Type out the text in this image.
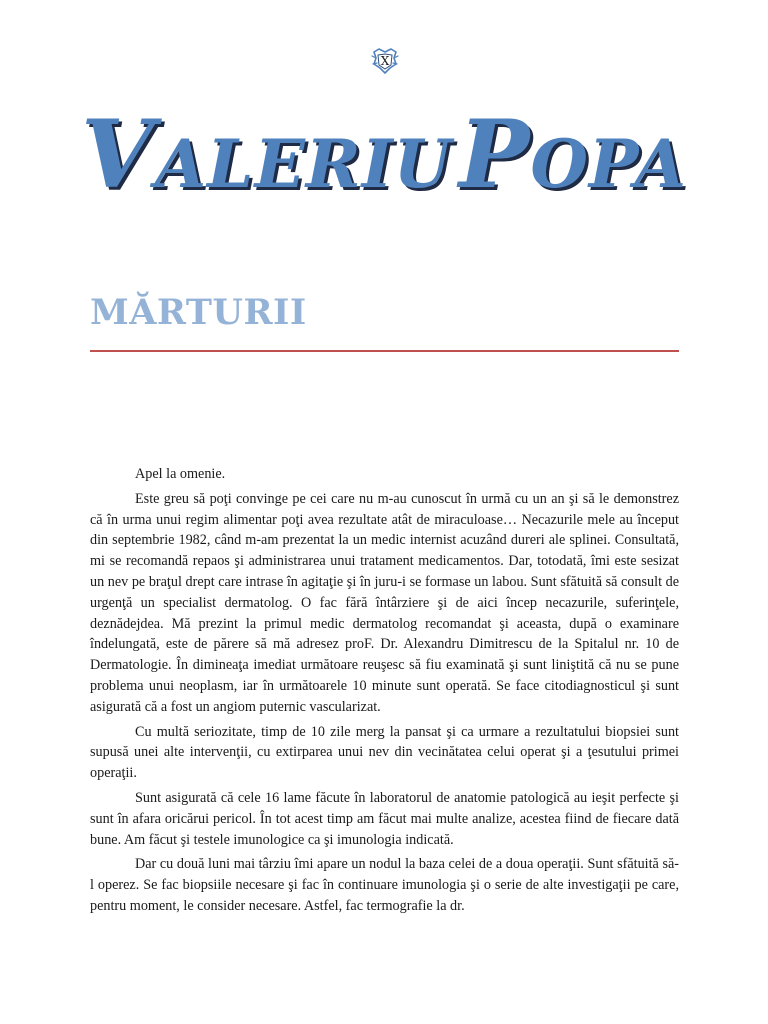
X
VALERIU POPA
MĂRTURII

Apel la omenie.

Este greu să poţi convinge pe cei care nu m-au cunoscut în urmă cu un an şi să le demonstrez că în urma unui regim alimentar poţi avea rezultate atât de miraculoase… Necazurile mele au început din septembrie 1982, când m-am prezentat la un medic internist acuzând dureri ale splinei. Consultată, mi se recomandă repaos şi administrarea unui tratament medicamentos. Dar, totodată, îmi este sesizat un nev pe braţul drept care intrase în agitaţie şi în juru-i se formase un labou. Sunt sfătuită să consult de urgenţă un specialist dermatolog. O fac fără întârziere şi de aici încep necazurile, suferinţele, deznădejdea. Mă prezint la primul medic dermatolog recomandat şi aceasta, după o examinare îndelungată, este de părere să mă adresez proF. Dr. Alexandru Dimitrescu de la Spitalul nr. 10 de Dermatologie. În dimineaţa imediat următoare reuşesc să fiu examinată şi sunt liniştită că nu se pune problema unui neoplasm, iar în următoarele 10 minute sunt operată. Se face citodiagnosticul şi sunt asigurată că a fost un angiom puternic vascularizat.

Cu multă seriozitate, timp de 10 zile merg la pansat şi ca urmare a rezultatului biopsiei sunt supusă unei alte intervenţii, cu extirparea unui nev din vecinătatea celui operat şi a ţesutului primei operaţii.

Sunt asigurată că cele 16 lame făcute în laboratorul de anatomie patologică au ieşit perfecte şi sunt în afara oricărui pericol. În tot acest timp am făcut mai multe analize, acestea fiind de fiecare dată bune. Am făcut şi testele imunologice ca şi imunologia indicată.

Dar cu două luni mai târziu îmi apare un nodul la baza celei de a doua operaţii. Sunt sfătuită să-l operez. Se fac biopsiile necesare şi fac în continuare imunologia şi o serie de alte investigaţii pe care, pentru moment, le consider necesare. Astfel, fac termografie la dr.
